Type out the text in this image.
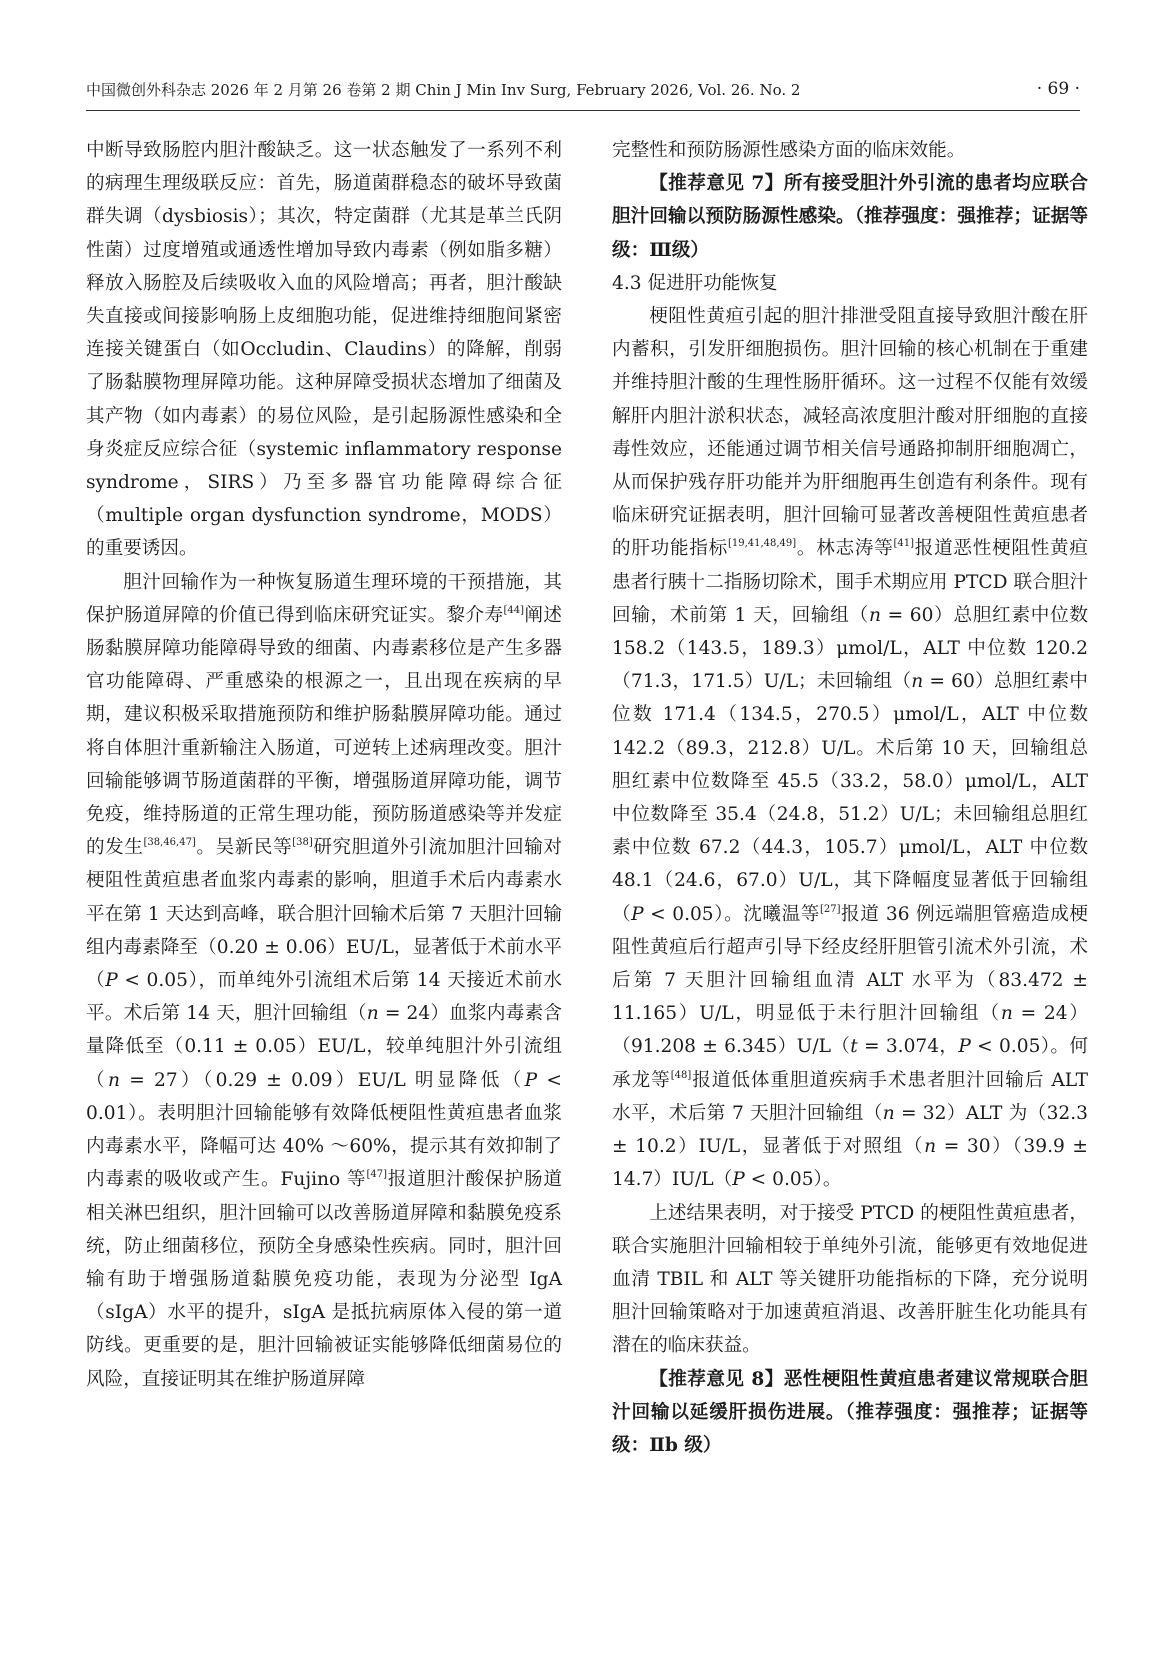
中国微创外科杂志 2026 年 2 月第 26 卷第 2 期 Chin J Min Inv Surg, February 2026, Vol. 26. No. 2	· 69 ·

中断导致肠腔内胆汁酸缺乏。这一状态触发了一系列不利的病理生理级联反应：首先，肠道菌群稳态的破坏导致菌群失调（dysbiosis）；其次，特定菌群（尤其是革兰氏阴性菌）过度增殖或通透性增加导致内毒素（例如脂多糖）释放入肠腔及后续吸收入血的风险增高；再者，胆汁酸缺失直接或间接影响肠上皮细胞功能，促进维持细胞间紧密连接关键蛋白（如Occludin、Claudins）的降解，削弱了肠黏膜物理屏障功能。这种屏障受损状态增加了细菌及其产物（如内毒素）的易位风险，是引起肠源性感染和全身炎症反应综合征（systemic inflammatory response syndrome，SIRS）乃至多器官功能障碍综合征（multiple organ dysfunction syndrome，MODS）的重要诱因。

胆汁回输作为一种恢复肠道生理环境的干预措施，其保护肠道屏障的价值已得到临床研究证实。黎介寿[44]阐述肠黏膜屏障功能障碍导致的细菌、内毒素移位是产生多器官功能障碍、严重感染的根源之一，且出现在疾病的早期，建议积极采取措施预防和维护肠黏膜屏障功能。通过将自体胆汁重新输注入肠道，可逆转上述病理改变。胆汁回输能够调节肠道菌群的平衡，增强肠道屏障功能，调节免疫，维持肠道的正常生理功能，预防肠道感染等并发症的发生[38,46,47]。吴新民等[38]研究胆道外引流加胆汁回输对梗阻性黄疸患者血浆内毒素的影响，胆道手术后内毒素水平在第 1 天达到高峰，联合胆汁回输术后第 7 天胆汁回输组内毒素降至（0.20 ± 0.06）EU/L，显著低于术前水平（P < 0.05），而单纯外引流组术后第 14 天接近术前水平。术后第 14 天，胆汁回输组（n = 24）血浆内毒素含量降低至（0.11 ± 0.05）EU/L，较单纯胆汁外引流组（n = 27）（0.29 ± 0.09）EU/L 明显降低（P < 0.01）。表明胆汁回输能够有效降低梗阻性黄疸患者血浆内毒素水平，降幅可达 40% ～60%，提示其有效抑制了内毒素的吸收或产生。Fujino 等[47]报道胆汁酸保护肠道相关淋巴组织，胆汁回输可以改善肠道屏障和黏膜免疫系统，防止细菌移位，预防全身感染性疾病。同时，胆汁回输有助于增强肠道黏膜免疫功能，表现为分泌型 IgA（sIgA）水平的提升，sIgA 是抵抗病原体入侵的第一道防线。更重要的是，胆汁回输被证实能够降低细菌易位的风险，直接证明其在维护肠道屏障

完整性和预防肠源性感染方面的临床效能。

【推荐意见 7】所有接受胆汁外引流的患者均应联合胆汁回输以预防肠源性感染。（推荐强度：强推荐；证据等级：Ⅲ级）

4.3 促进肝功能恢复

梗阻性黄疸引起的胆汁排泄受阻直接导致胆汁酸在肝内蓄积，引发肝细胞损伤。胆汁回输的核心机制在于重建并维持胆汁酸的生理性肠肝循环。这一过程不仅能有效缓解肝内胆汁淤积状态，减轻高浓度胆汁酸对肝细胞的直接毒性效应，还能通过调节相关信号通路抑制肝细胞凋亡，从而保护残存肝功能并为肝细胞再生创造有利条件。现有临床研究证据表明，胆汁回输可显著改善梗阻性黄疸患者的肝功能指标[19,41,48,49]。林志涛等[41]报道恶性梗阻性黄疸患者行胰十二指肠切除术，围手术期应用 PTCD 联合胆汁回输，术前第 1 天，回输组（n = 60）总胆红素中位数 158.2（143.5，189.3）μmol/L，ALT 中位数 120.2（71.3，171.5）U/L；未回输组（n = 60）总胆红素中位数 171.4（134.5，270.5）μmol/L，ALT 中位数 142.2（89.3，212.8）U/L。术后第 10 天，回输组总胆红素中位数降至 45.5（33.2，58.0）μmol/L，ALT 中位数降至 35.4（24.8，51.2）U/L；未回输组总胆红素中位数 67.2（44.3，105.7）μmol/L，ALT 中位数 48.1（24.6，67.0）U/L，其下降幅度显著低于回输组（P < 0.05）。沈曦温等[27]报道 36 例远端胆管癌造成梗阻性黄疸后行超声引导下经皮经肝胆管引流术外引流，术后第 7 天胆汁回输组血清 ALT 水平为（83.472 ± 11.165）U/L，明显低于未行胆汁回输组（n = 24）（91.208 ± 6.345）U/L（t = 3.074，P < 0.05）。何承龙等[48]报道低体重胆道疾病手术患者胆汁回输后 ALT 水平，术后第 7 天胆汁回输组（n = 32）ALT 为（32.3 ± 10.2）IU/L，显著低于对照组（n = 30）（39.9 ± 14.7）IU/L（P < 0.05）。

上述结果表明，对于接受 PTCD 的梗阻性黄疸患者，联合实施胆汁回输相较于单纯外引流，能够更有效地促进血清 TBIL 和 ALT 等关键肝功能指标的下降，充分说明胆汁回输策略对于加速黄疸消退、改善肝脏生化功能具有潜在的临床获益。

【推荐意见 8】恶性梗阻性黄疸患者建议常规联合胆汁回输以延缓肝损伤进展。（推荐强度：强推荐；证据等级：Ⅱb 级）
